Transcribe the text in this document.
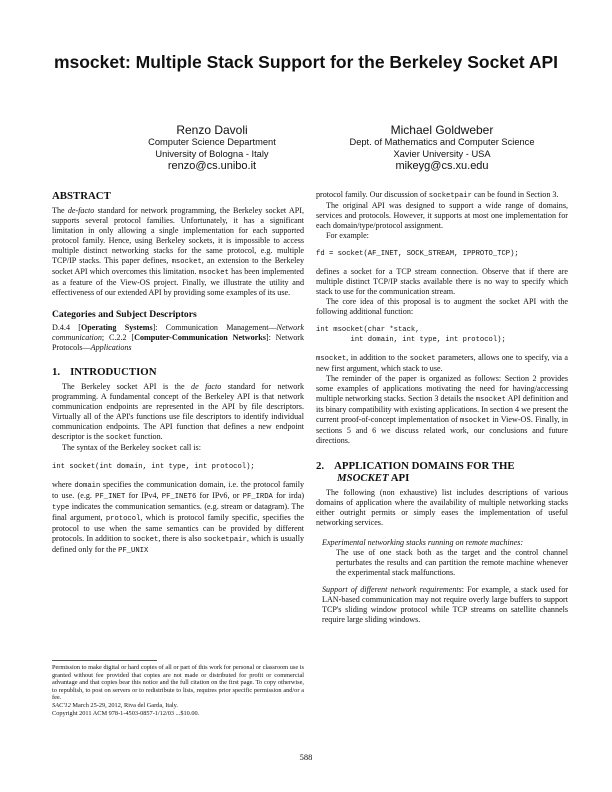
msocket: Multiple Stack Support for the Berkeley Socket API
Renzo Davoli
Computer Science Department
University of Bologna - Italy
renzo@cs.unibo.it
Michael Goldweber
Dept. of Mathematics and Computer Science
Xavier University - USA
mikeyg@cs.xu.edu
ABSTRACT

The de-facto standard for network programming, the Berkeley socket API, supports several protocol families. Unfortunately, it has a significant limitation in only allowing a single implementation for each supported protocol family. Hence, using Berkeley sockets, it is impossible to access multiple distinct networking stacks for the same protocol, e.g. multiple TCP/IP stacks. This paper defines, msocket, an extension to the Berkeley socket API which overcomes this limitation. msocket has been implemented as a feature of the View-OS project. Finally, we illustrate the utility and effectiveness of our extended API by providing some examples of its use.

Categories and Subject Descriptors

D.4.4 [Operating Systems]: Communication Management—Network communication; C.2.2 [Computer-Communication Networks]: Network Protocols—Applications

1. INTRODUCTION

The Berkeley socket API is the de facto standard for network programming. A fundamental concept of the Berkeley API is that network communication endpoints are represented in the API by file descriptors. Virtually all of the API's functions use file descriptors to identify individual communication endpoints. The API function that defines a new endpoint descriptor is the socket function.

The syntax of the Berkeley socket call is:

int socket(int domain, int type, int protocol);

where domain specifies the communication domain, i.e. the protocol family to use. (e.g. PF_INET for IPv4, PF_INET6 for IPv6, or PF_IRDA for irda) type indicates the communication semantics. (e.g. stream or datagram). The final argument, protocol, which is protocol family specific, specifies the protocol to use when the same semantics can be provided by different protocols. In addition to socket, there is also socketpair, which is usually defined only for the PF_UNIX

protocol family. Our discussion of socketpair can be found in Section 3.

The original API was designed to support a wide range of domains, services and protocols. However, it supports at most one implementation for each domain/type/protocol assignment.

For example:

fd = socket(AF_INET, SOCK_STREAM, IPPROTO_TCP);

defines a socket for a TCP stream connection. Observe that if there are multiple distinct TCP/IP stacks available there is no way to specify which stack to use for the communication stream.

The core idea of this proposal is to augment the socket API with the following additional function:

int msocket(char *stack,
int domain, int type, int protocol);

msocket, in addition to the socket parameters, allows one to specify, via a new first argument, which stack to use.

The reminder of the paper is organized as follows: Section 2 provides some examples of applications motivating the need for having/accessing multiple networking stacks. Section 3 details the msocket API definition and its binary compatibility with existing applications. In section 4 we present the current proof-of-concept implementation of msocket in View-OS. Finally, in sections 5 and 6 we discuss related work, our conclusions and future directions.

2. APPLICATION DOMAINS FOR THE
MSOCKET API

The following (non exhaustive) list includes descriptions of various domains of application where the availability of multiple networking stacks either outright permits or simply eases the implementation of useful networking services.

Experimental networking stacks running on remote machines:
The use of one stack both as the target and the control channel perturbates the results and can partition the remote machine whenever the experimental stack malfunctions.
Support of different network requirements: For example, a stack used for LAN-based communication may not require overly large buffers to support TCP's sliding window protocol while TCP streams on satellite channels require large sliding windows.
Permission to make digital or hard copies of all or part of this work for personal or classroom use is granted without fee provided that copies are not made or distributed for profit or commercial advantage and that copies bear this notice and the full citation on the first page. To copy otherwise, to republish, to post on servers or to redistribute to lists, requires prior specific permission and/or a fee.
SAC'12 March 25-29, 2012, Riva del Garda, Italy.
Copyright 2011 ACM 978-1-4503-0857-1/12/03 ...$10.00.
588
